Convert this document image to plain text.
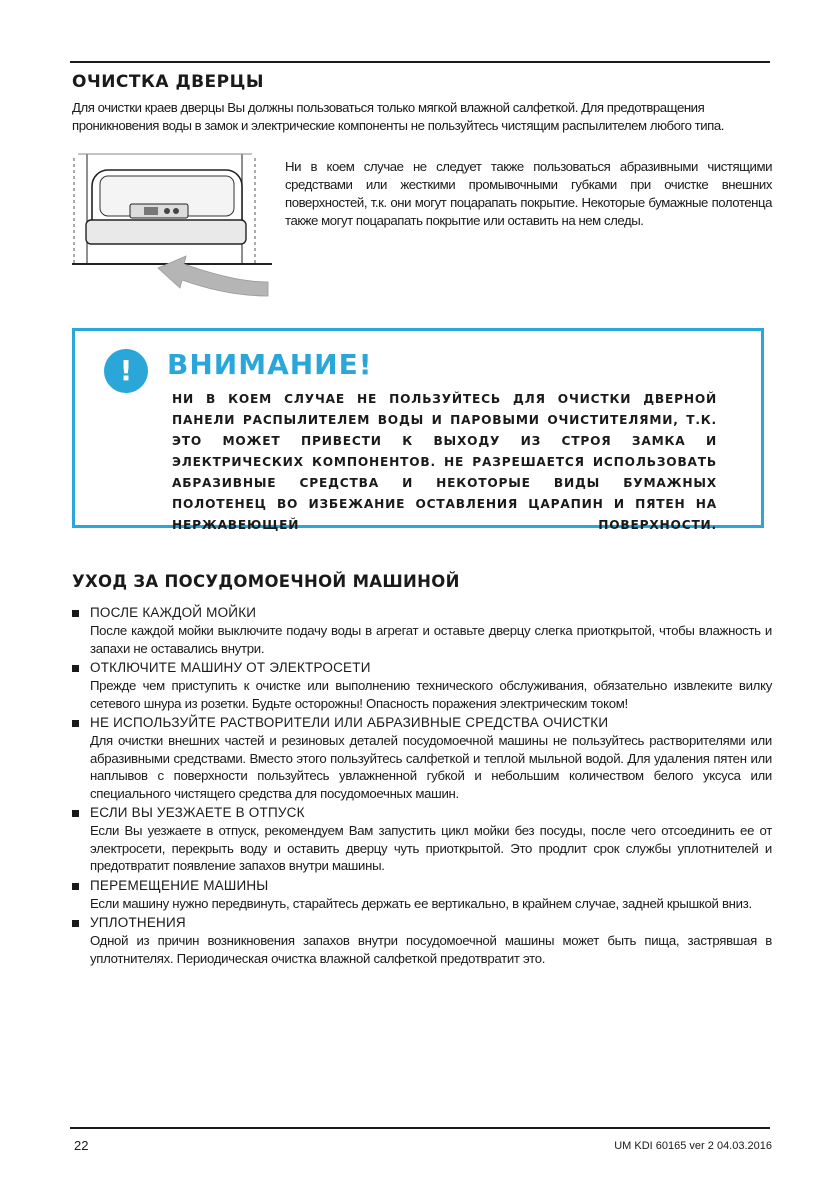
ОЧИСТКА ДВЕРЦЫ
Для очистки краев дверцы Вы должны пользоваться только мягкой влажной салфеткой. Для предотвращения проникновения воды в замок и электрические компоненты не пользуйтесь чистящим распылителем любого типа.
Ни в коем случае не следует также пользоваться абразивными чистящими средствами или жесткими промывочными губками при очистке внешних поверхностей, т.к. они могут поцарапать покрытие. Некоторые бумажные полотенца также могут поцарапать покрытие или оставить на нем следы.
!	ВНИМАНИЕ!
НИ В КОЕМ СЛУЧАЕ НЕ ПОЛЬЗУЙТЕСЬ ДЛЯ ОЧИСТКИ ДВЕРНОЙ ПАНЕЛИ РАСПЫЛИТЕЛЕМ ВОДЫ И ПАРОВЫМИ ОЧИСТИТЕЛЯМИ, Т.К. ЭТО МОЖЕТ ПРИВЕСТИ К ВЫХОДУ ИЗ СТРОЯ ЗАМКА И ЭЛЕКТРИЧЕСКИХ КОМПОНЕНТОВ. НЕ РАЗРЕШАЕТСЯ ИСПОЛЬЗОВАТЬ АБРАЗИВНЫЕ СРЕДСТВА И НЕКОТОРЫЕ ВИДЫ БУМАЖНЫХ ПОЛОТЕНЕЦ ВО ИЗБЕЖАНИЕ ОСТАВЛЕНИЯ ЦАРАПИН И ПЯТЕН НА НЕРЖАВЕЮЩЕЙ ПОВЕРХНОСТИ.
УХОД ЗА ПОСУДОМОЕЧНОЙ МАШИНОЙ
ПОСЛЕ КАЖДОЙ МОЙКИ
После каждой мойки выключите подачу воды в агрегат и оставьте дверцу слегка приоткрытой, чтобы влажность и запахи не оставались внутри.
ОТКЛЮЧИТЕ МАШИНУ ОТ ЭЛЕКТРОСЕТИ
Прежде чем приступить к очистке или выполнению технического обслуживания, обязательно извлеките вилку сетевого шнура из розетки. Будьте осторожны! Опасность поражения электрическим током!
НЕ ИСПОЛЬЗУЙТЕ РАСТВОРИТЕЛИ ИЛИ АБРАЗИВНЫЕ СРЕДСТВА ОЧИСТКИ
Для очистки внешних частей и резиновых деталей посудомоечной машины не пользуйтесь растворителями или абразивными средствами. Вместо этого пользуйтесь салфеткой и теплой мыльной водой. Для удаления пятен или наплывов с поверхности пользуйтесь увлажненной губкой и небольшим количеством белого уксуса или специального чистящего средства для посудомоечных машин.
ЕСЛИ ВЫ УЕЗЖАЕТЕ В ОТПУСК
Если Вы уезжаете в отпуск, рекомендуем Вам запустить цикл мойки без посуды, после чего отсоединить ее от электросети, перекрыть воду и оставить дверцу чуть приоткрытой. Это продлит срок службы уплотнителей и предотвратит появление запахов внутри машины.
ПЕРЕМЕЩЕНИЕ МАШИНЫ
Если машину нужно передвинуть, старайтесь держать ее вертикально, в крайнем случае, задней крышкой вниз.
УПЛОТНЕНИЯ
Одной из причин возникновения запахов внутри посудомоечной машины может быть пища, застрявшая в уплотнителях. Периодическая очистка влажной салфеткой предотвратит это.
22	UM KDI 60165 ver 2 04.03.2016
